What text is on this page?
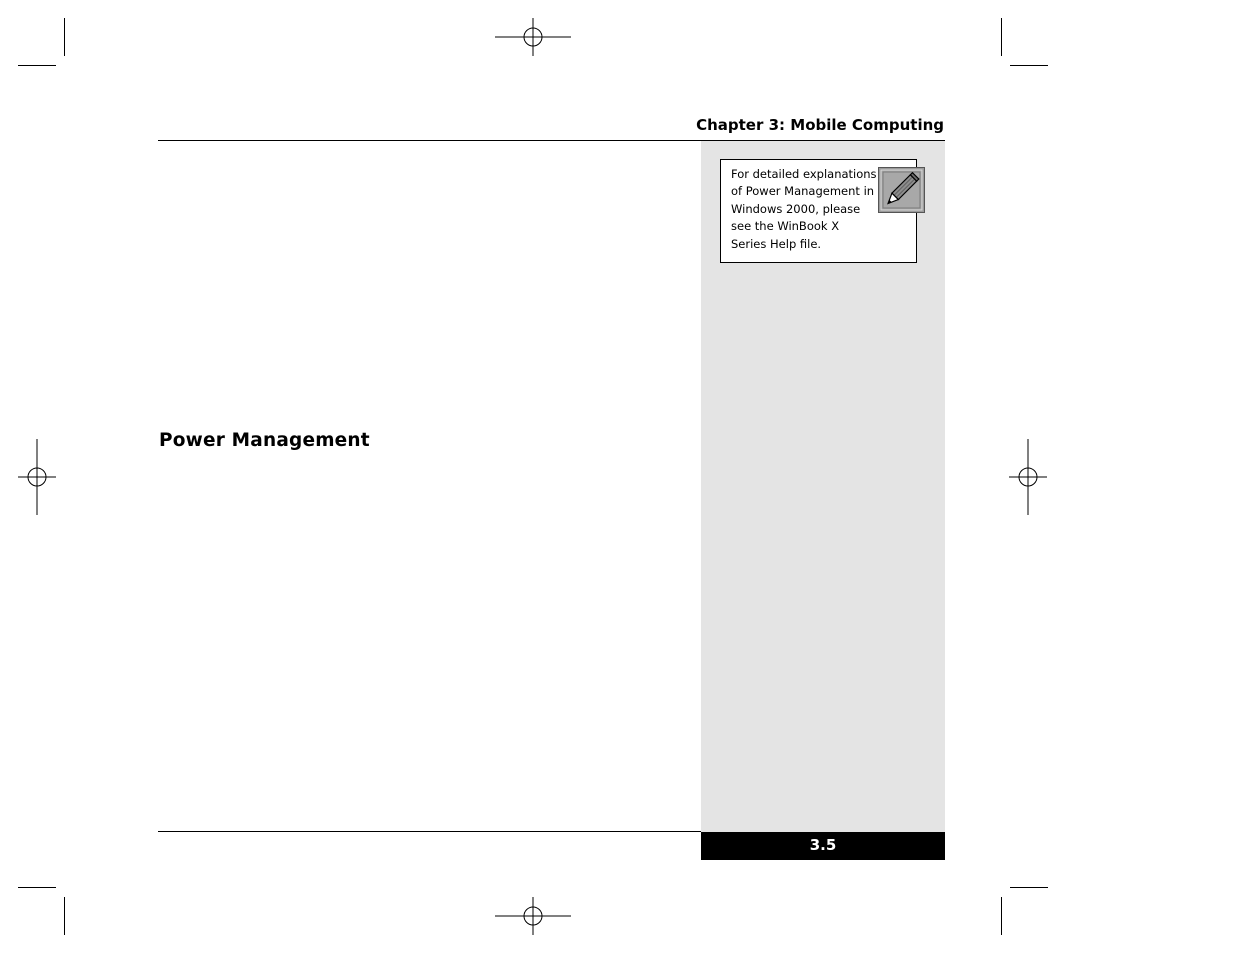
Chapter 3: Mobile Computing
For detailed explanations of Power Management in Windows 2000, please see the WinBook X Series Help file.
Power Management
3.5
